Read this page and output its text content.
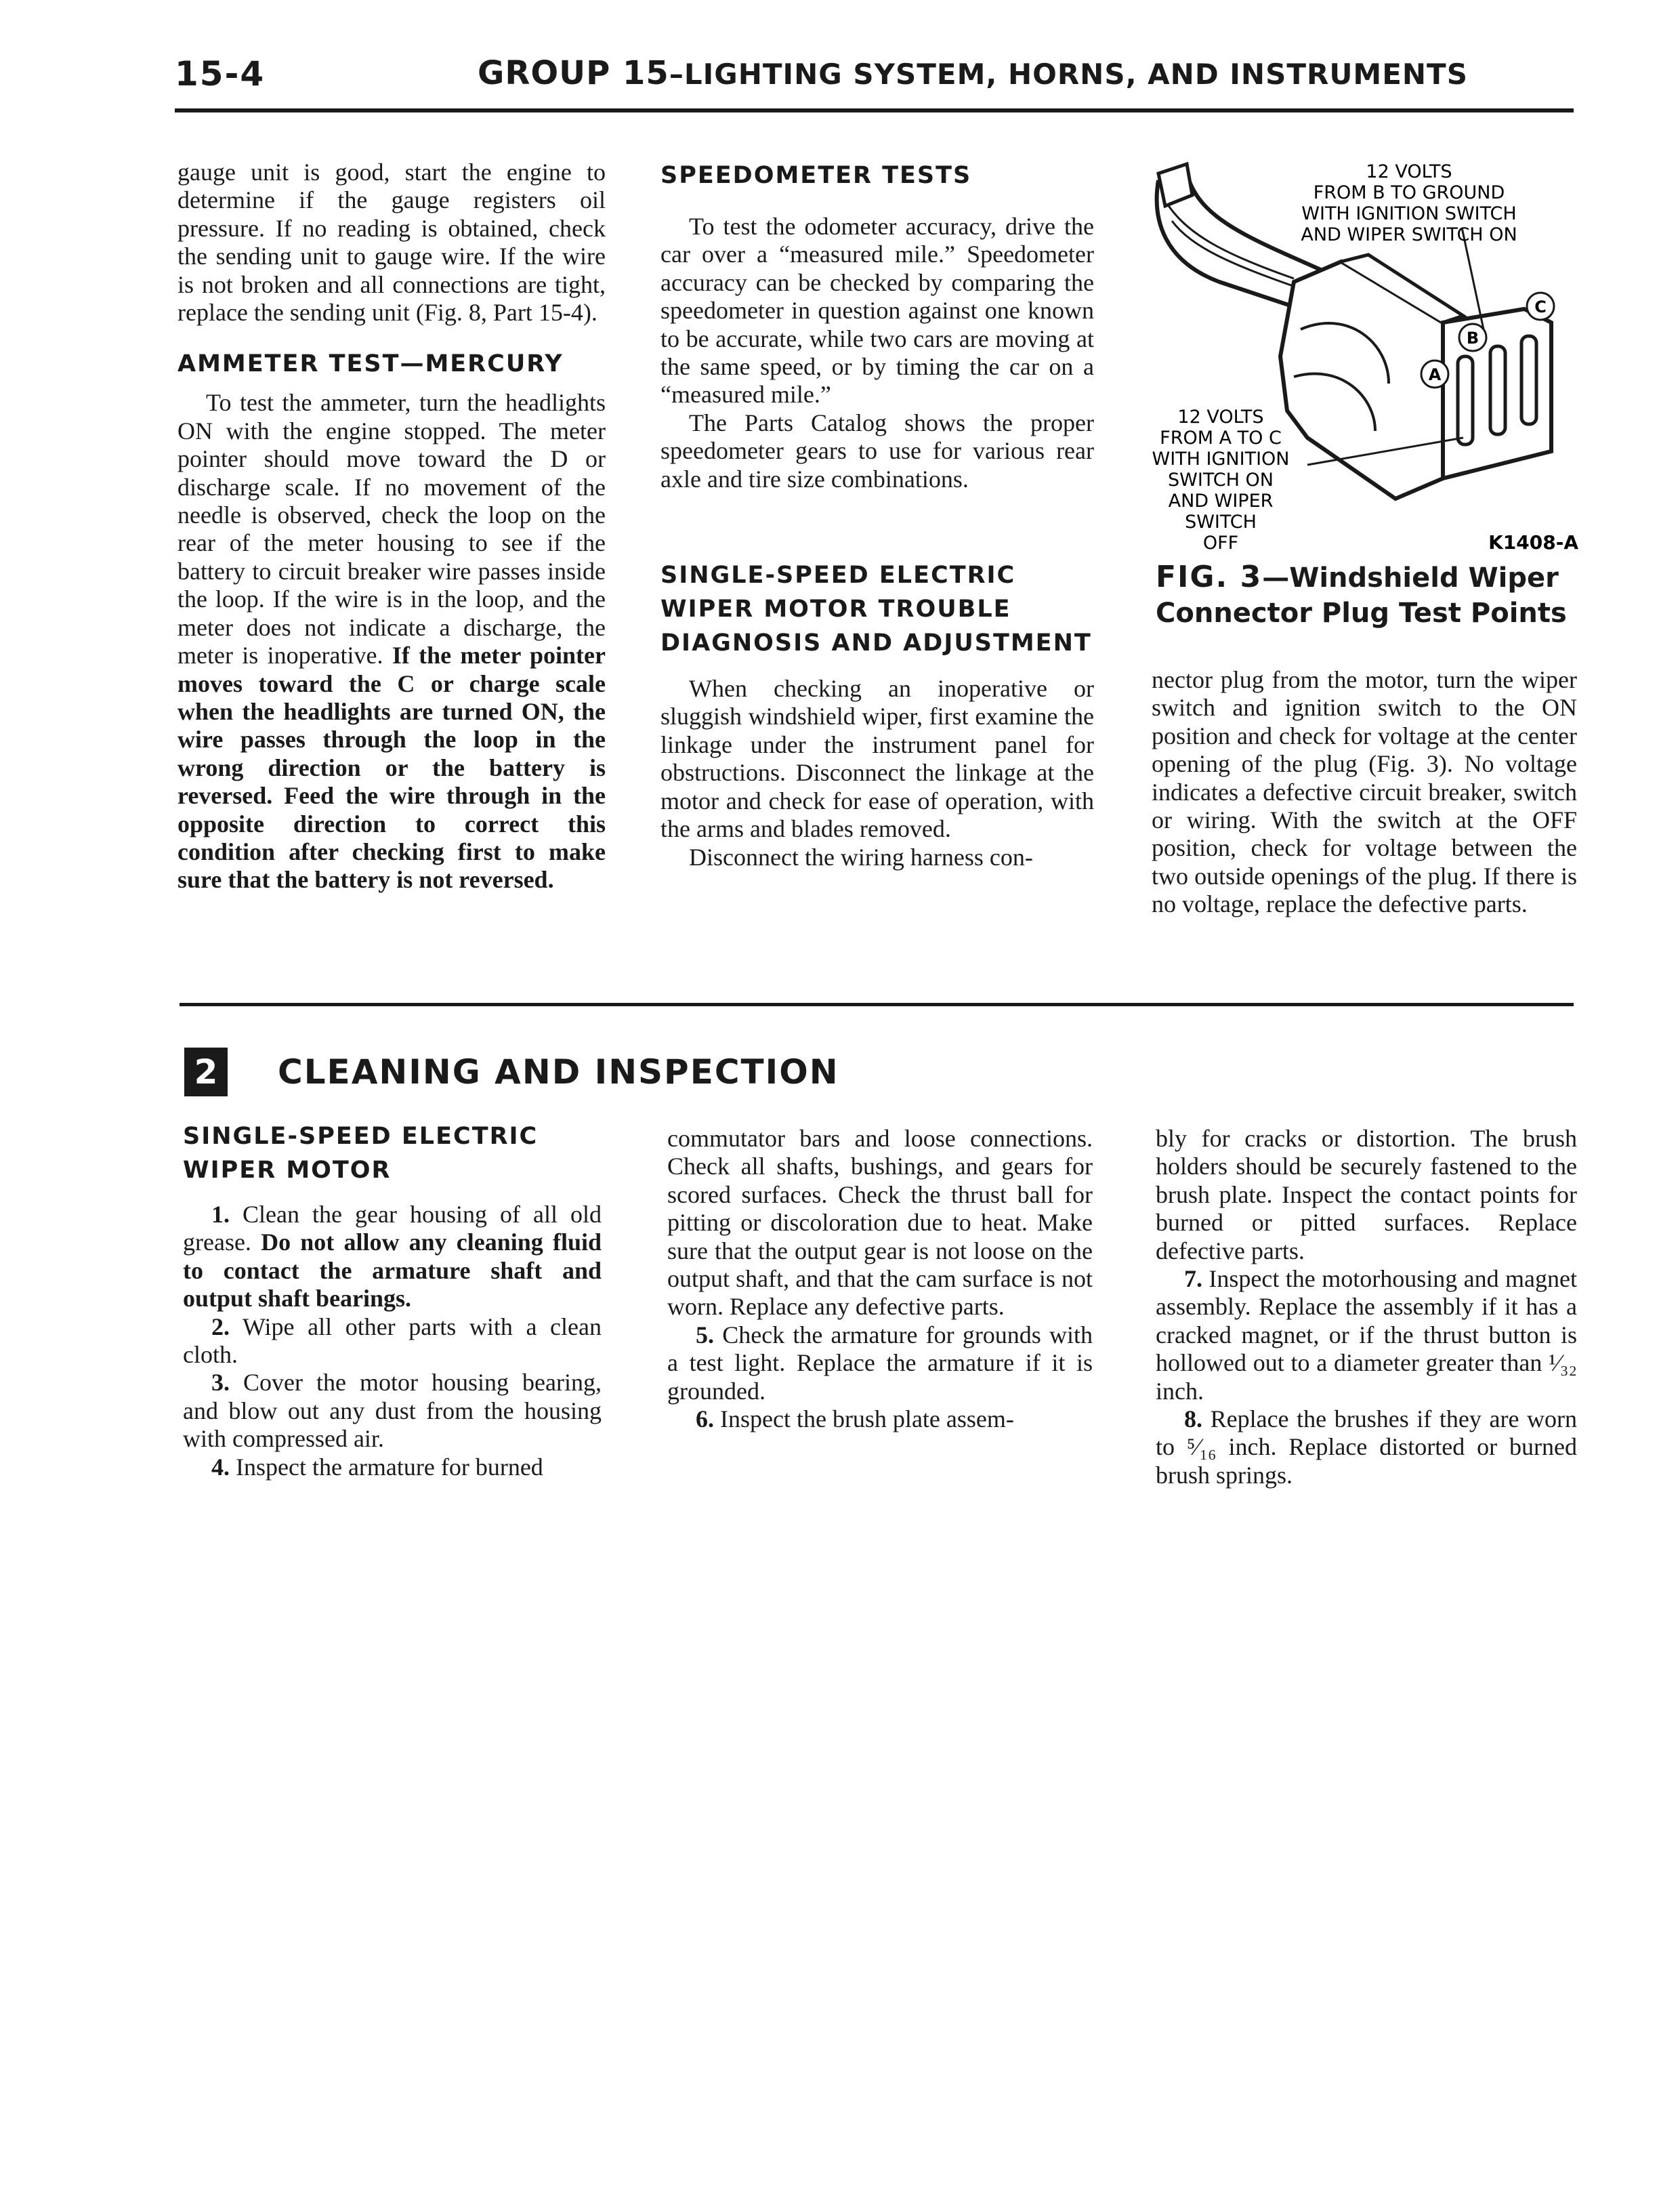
15-4	GROUP 15–LIGHTING SYSTEM, HORNS, AND INSTRUMENTS

gauge unit is good, start the engine to determine if the gauge registers oil pressure. If no reading is obtained, check the sending unit to gauge wire. If the wire is not broken and all connections are tight, replace the sending unit (Fig. 8, Part 15-4).

AMMETER TEST—MERCURY

To test the ammeter, turn the headlights ON with the engine stopped. The meter pointer should move toward the D or discharge scale. If no movement of the needle is observed, check the loop on the rear of the meter housing to see if the battery to circuit breaker wire passes inside the loop. If the wire is in the loop, and the meter does not indicate a discharge, the meter is inoperative. If the meter pointer moves toward the C or charge scale when the headlights are turned ON, the wire passes through the loop in the wrong direction or the battery is reversed. Feed the wire through in the opposite direction to correct this condition after checking first to make sure that the battery is not reversed.

SPEEDOMETER TESTS

To test the odometer accuracy, drive the car over a “measured mile.” Speedometer accuracy can be checked by comparing the speedometer in question against one known to be accurate, while two cars are moving at the same speed, or by timing the car on a “measured mile.”

The Parts Catalog shows the proper speedometer gears to use for various rear axle and tire size combinations.

SINGLE-SPEED ELECTRIC WIPER MOTOR TROUBLE DIAGNOSIS AND ADJUSTMENT

When checking an inoperative or sluggish windshield wiper, first examine the linkage under the instrument panel for obstructions. Disconnect the linkage at the motor and check for ease of operation, with the arms and blades removed.

Disconnect the wiring harness con-

A
B
C
12 VOLTS
FROM B TO GROUND
WITH IGNITION SWITCH
AND WIPER SWITCH ON
12 VOLTS
FROM A TO C
WITH IGNITION
SWITCH ON
AND WIPER
SWITCH
OFF	K1408-A
FIG. 3—Windshield Wiper Connector Plug Test Points

nector plug from the motor, turn the wiper switch and ignition switch to the ON position and check for voltage at the center opening of the plug (Fig. 3). No voltage indicates a defective circuit breaker, switch or wiring. With the switch at the OFF position, check for voltage between the two outside openings of the plug. If there is no voltage, replace the defective parts.

2 CLEANING AND INSPECTION
SINGLE-SPEED ELECTRIC WIPER MOTOR

1. Clean the gear housing of all old grease. Do not allow any cleaning fluid to contact the armature shaft and output shaft bearings.

2. Wipe all other parts with a clean cloth.

3. Cover the motor housing bearing, and blow out any dust from the housing with compressed air.

4. Inspect the armature for burned

commutator bars and loose connections. Check all shafts, bushings, and gears for scored surfaces. Check the thrust ball for pitting or discoloration due to heat. Make sure that the output gear is not loose on the output shaft, and that the cam surface is not worn. Replace any defective parts.

5. Check the armature for grounds with a test light. Replace the armature if it is grounded.

6. Inspect the brush plate assem-

bly for cracks or distortion. The brush holders should be securely fastened to the brush plate. Inspect the contact points for burned or pitted surfaces. Replace defective parts.

7. Inspect the motorhousing and magnet assembly. Replace the assembly if it has a cracked magnet, or if the thrust button is hollowed out to a diameter greater than ¹⁄₃₂ inch.

8. Replace the brushes if they are worn to ⁵⁄₁₆ inch. Replace distorted or burned brush springs.
